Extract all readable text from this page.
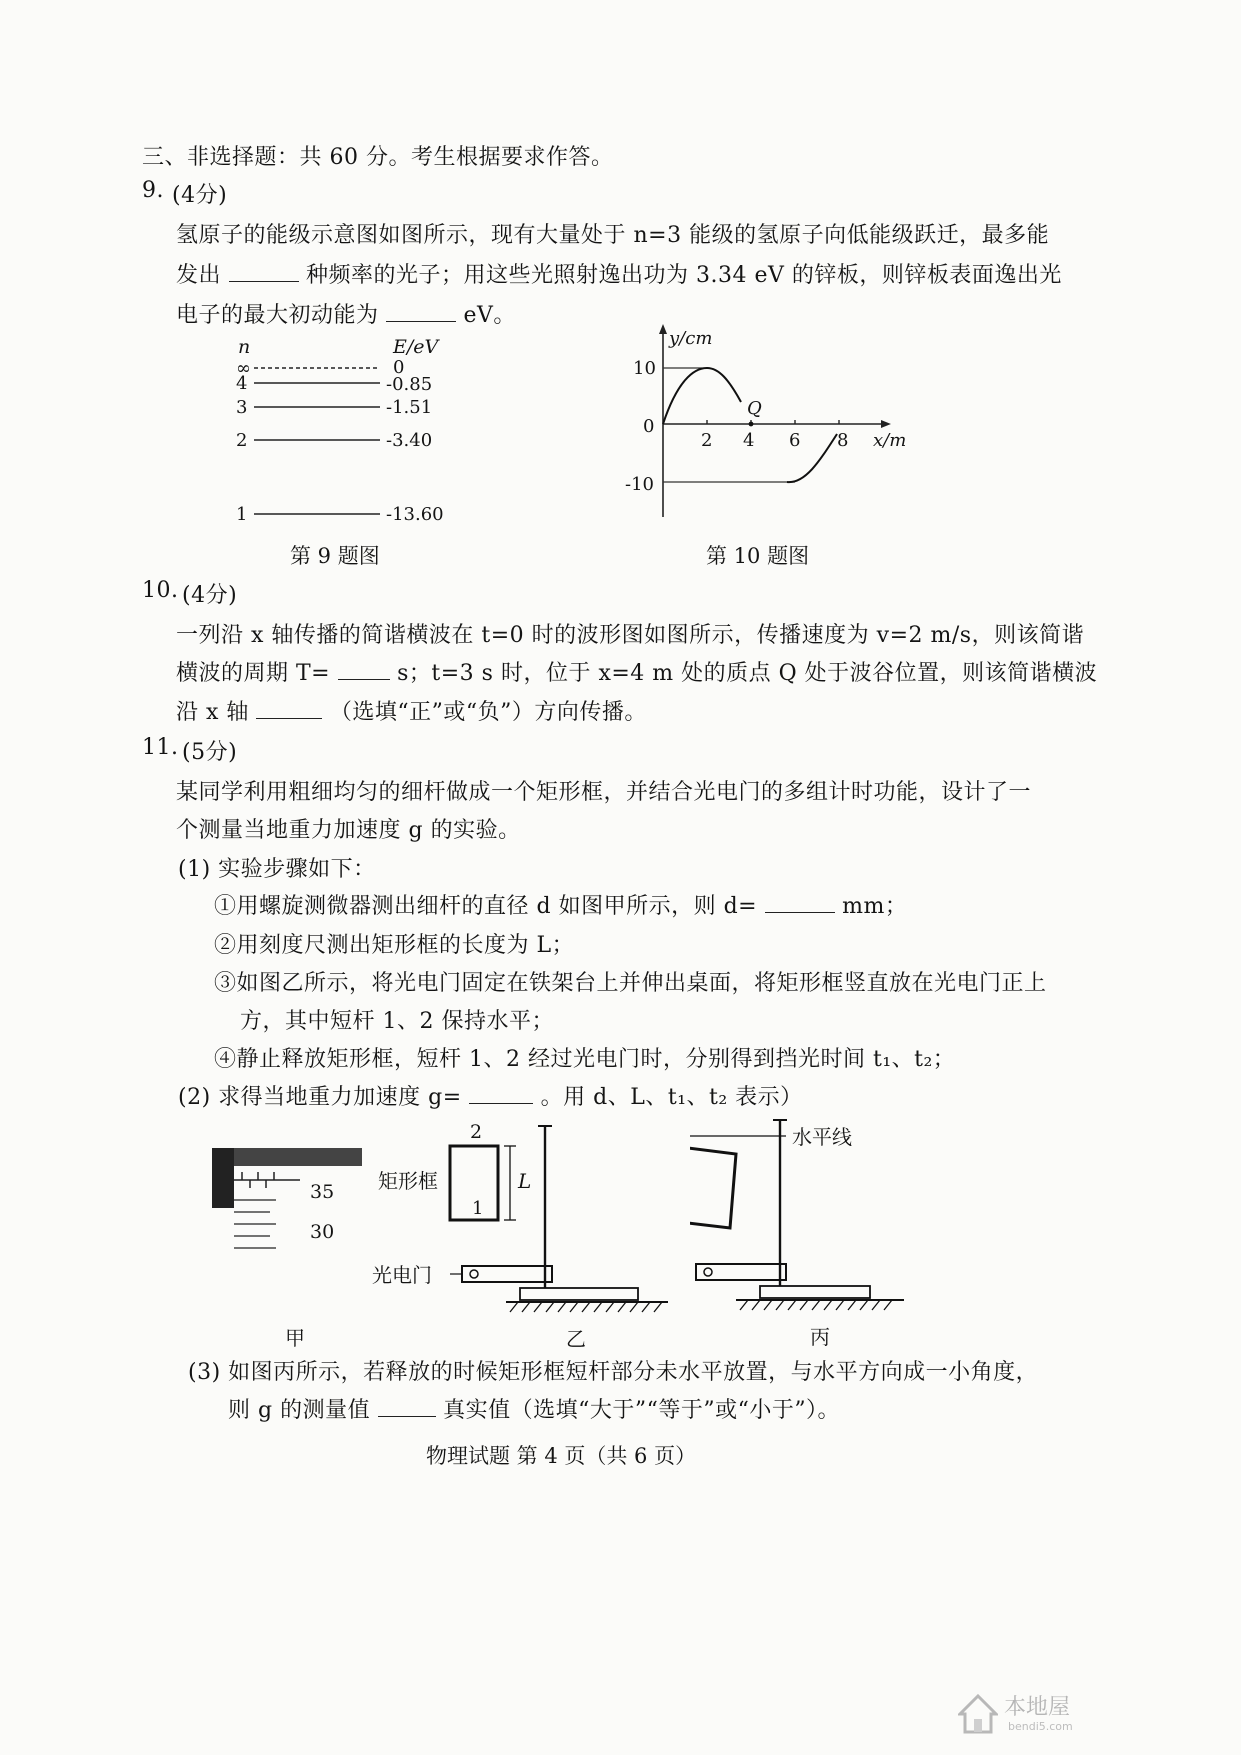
三、非选择题：共 60 分。考生根据要求作答。
9. (4分)
氢原子的能级示意图如图所示，现有大量处于 n=3 能级的氢原子向低能级跃迁，最多能
发出	种频率的光子；用这些光照射逸出功为 3.34 eV 的锌板，则锌板表面逸出光
电子的最大初动能为	eV。
n	E/eV
∞	0
4	-0.85
3	-1.51
2	-3.40
1	-13.60
第 9 题图
y/cm
x/m
0
10
-10
2 4 6 8
Q
第 10 题图
10. (4分)
一列沿 x 轴传播的简谐横波在 t=0 时的波形图如图所示，传播速度为 v=2 m/s，则该简谐
横波的周期 T=	s；t=3 s 时，位于 x=4 m 处的质点 Q 处于波谷位置，则该简谐横波
沿 x 轴	（选填“正”或“负”）方向传播。
11. (5分)
某同学利用粗细均匀的细杆做成一个矩形框，并结合光电门的多组计时功能，设计了一
个测量当地重力加速度 g 的实验。
(1) 实验步骤如下：
①用螺旋测微器测出细杆的直径 d 如图甲所示，则 d=	mm；
②用刻度尺测出矩形框的长度为 L；
③如图乙所示，将光电门固定在铁架台上并伸出桌面，将矩形框竖直放在光电门正上
方，其中短杆 1、2 保持水平；
④静止释放矩形框，短杆 1、2 经过光电门时，分别得到挡光时间 t₁、t₂；
(2) 求得当地重力加速度 g=	。用 d、L、t₁、t₂ 表示）
35
30
甲
矩形框
2
1
L
光电门
乙
水平线
丙
(3) 如图丙所示，若释放的时候矩形框短杆部分未水平放置，与水平方向成一小角度，
则 g 的测量值	真实值（选填“大于”“等于”或“小于”）。
物理试题 第 4 页（共 6 页）
本地屋
bendi5.com
